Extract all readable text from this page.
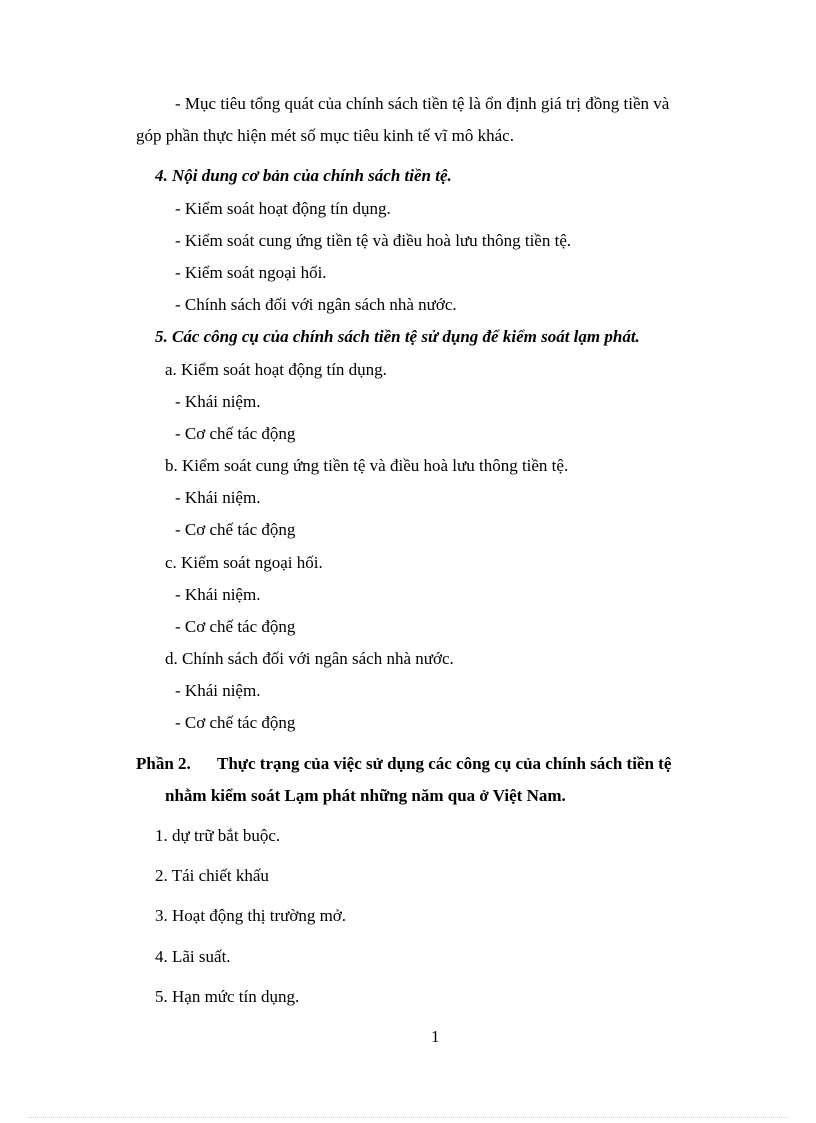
- Mục tiêu tổng quát của chính sách tiền tệ là ổn định giá trị đồng tiền và
góp phần thực hiện mét số mục tiêu kinh tế vĩ mô khác.
4. Nội dung cơ bản của chính sách tiền tệ.
- Kiểm soát hoạt động tín dụng.
- Kiểm soát cung ứng tiền tệ và điều hoà lưu thông tiền tệ.
- Kiểm soát ngoại hối.
- Chính sách đối với ngân sách nhà nước.
5. Các công cụ của chính sách tiền tệ sử dụng để kiểm soát lạm phát.
a. Kiểm soát hoạt động tín dụng.
- Khái niệm.
- Cơ chế tác động
b. Kiểm soát cung ứng tiền tệ và điều hoà lưu thông tiền tệ.
- Khái niệm.
- Cơ chế tác động
c. Kiểm soát ngoại hối.
- Khái niệm.
- Cơ chế tác động
d. Chính sách đối với ngân sách nhà nước.
- Khái niệm.
- Cơ chế tác động
Phần 2. Thực trạng của việc sử dụng các công cụ của chính sách tiền tệ
nhằm kiểm soát Lạm phát những năm qua ở Việt Nam.
1. dự trữ bắt buộc.
2. Tái chiết khấu
3. Hoạt động thị trường mở.
4. Lãi suất.
5. Hạn mức tín dụng.
1
